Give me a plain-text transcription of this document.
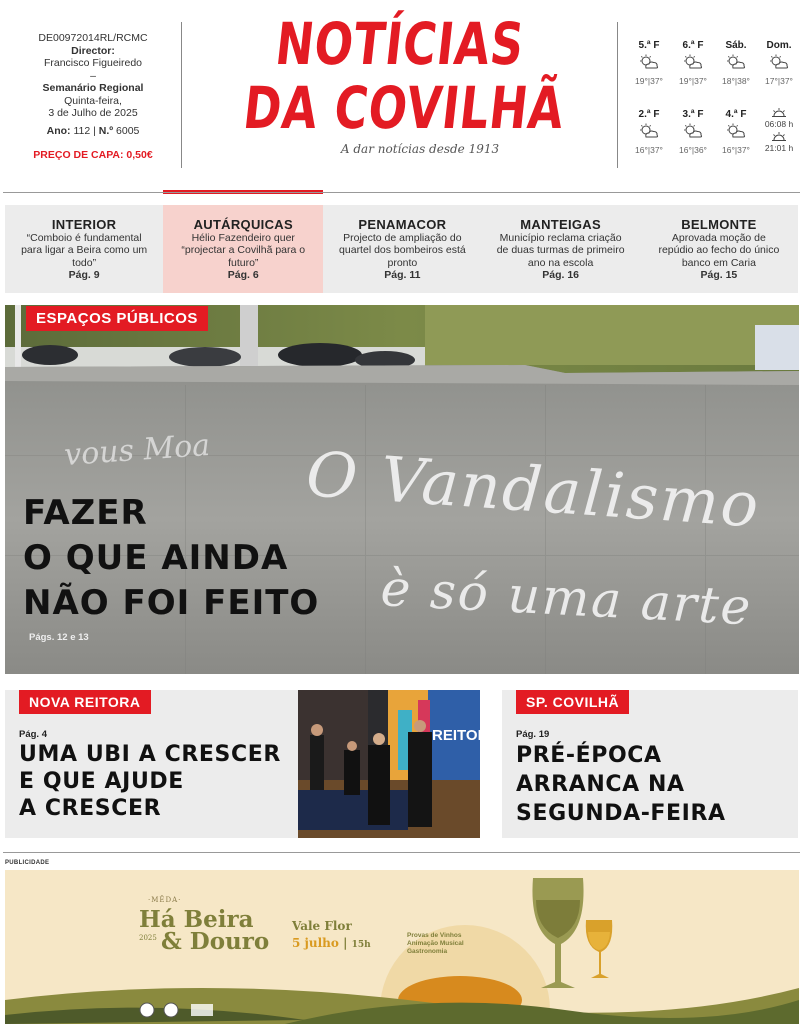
DE00972014RL/RCMC
Director:
Francisco Figueiredo
–
Semanário Regional
Quinta-feira,
3 de Julho de 2025
Ano: 112 | N.º 6005
PREÇO DE CAPA: 0,50€
NOTÍCIAS
DA COVILHÃ
A dar notícias desde 1913
5.ª F
19°|37°
6.ª F
19°|37°
Sáb.
18°|38°
Dom.
17°|37°
2.ª F
16°|37°
3.ª F
16°|36°
4.ª F
16°|37°
06:08 h
21:01 h
INTERIOR
“Comboio é fundamental para ligar a Beira como um todo”
Pág. 9
AUTÁRQUICAS
Hélio Fazendeiro quer “projectar a Covilhã para o futuro”
Pág. 6
PENAMACOR
Projecto de ampliação do quartel dos bombeiros está pronto
Pág. 11
MANTEIGAS
Município reclama criação de duas turmas de primeiro ano na escola
Pág. 16
BELMONTE
Aprovada moção de repúdio ao fecho do único banco em Caria
Pág. 15
vous Moa O Vandalismo
è só uma arte
ESPAÇOS PÚBLICOS
FAZER
O QUE AINDA
NÃO FOI FEITO
Págs. 12 e 13
NOVA REITORA
Pág. 4
UMA UBI A CRESCER
E QUE AJUDE
A CRESCER
REITORA
SP. COVILHÃ
Pág. 19
PRÉ-ÉPOCA
ARRANCA NA
SEGUNDA-FEIRA
PUBLICIDADE
·MÊDA·
Há Beira
2025 & Douro
Vale Flor
5 julho | 15h
Provas de Vinhos
Animação Musical
Gastronomia
